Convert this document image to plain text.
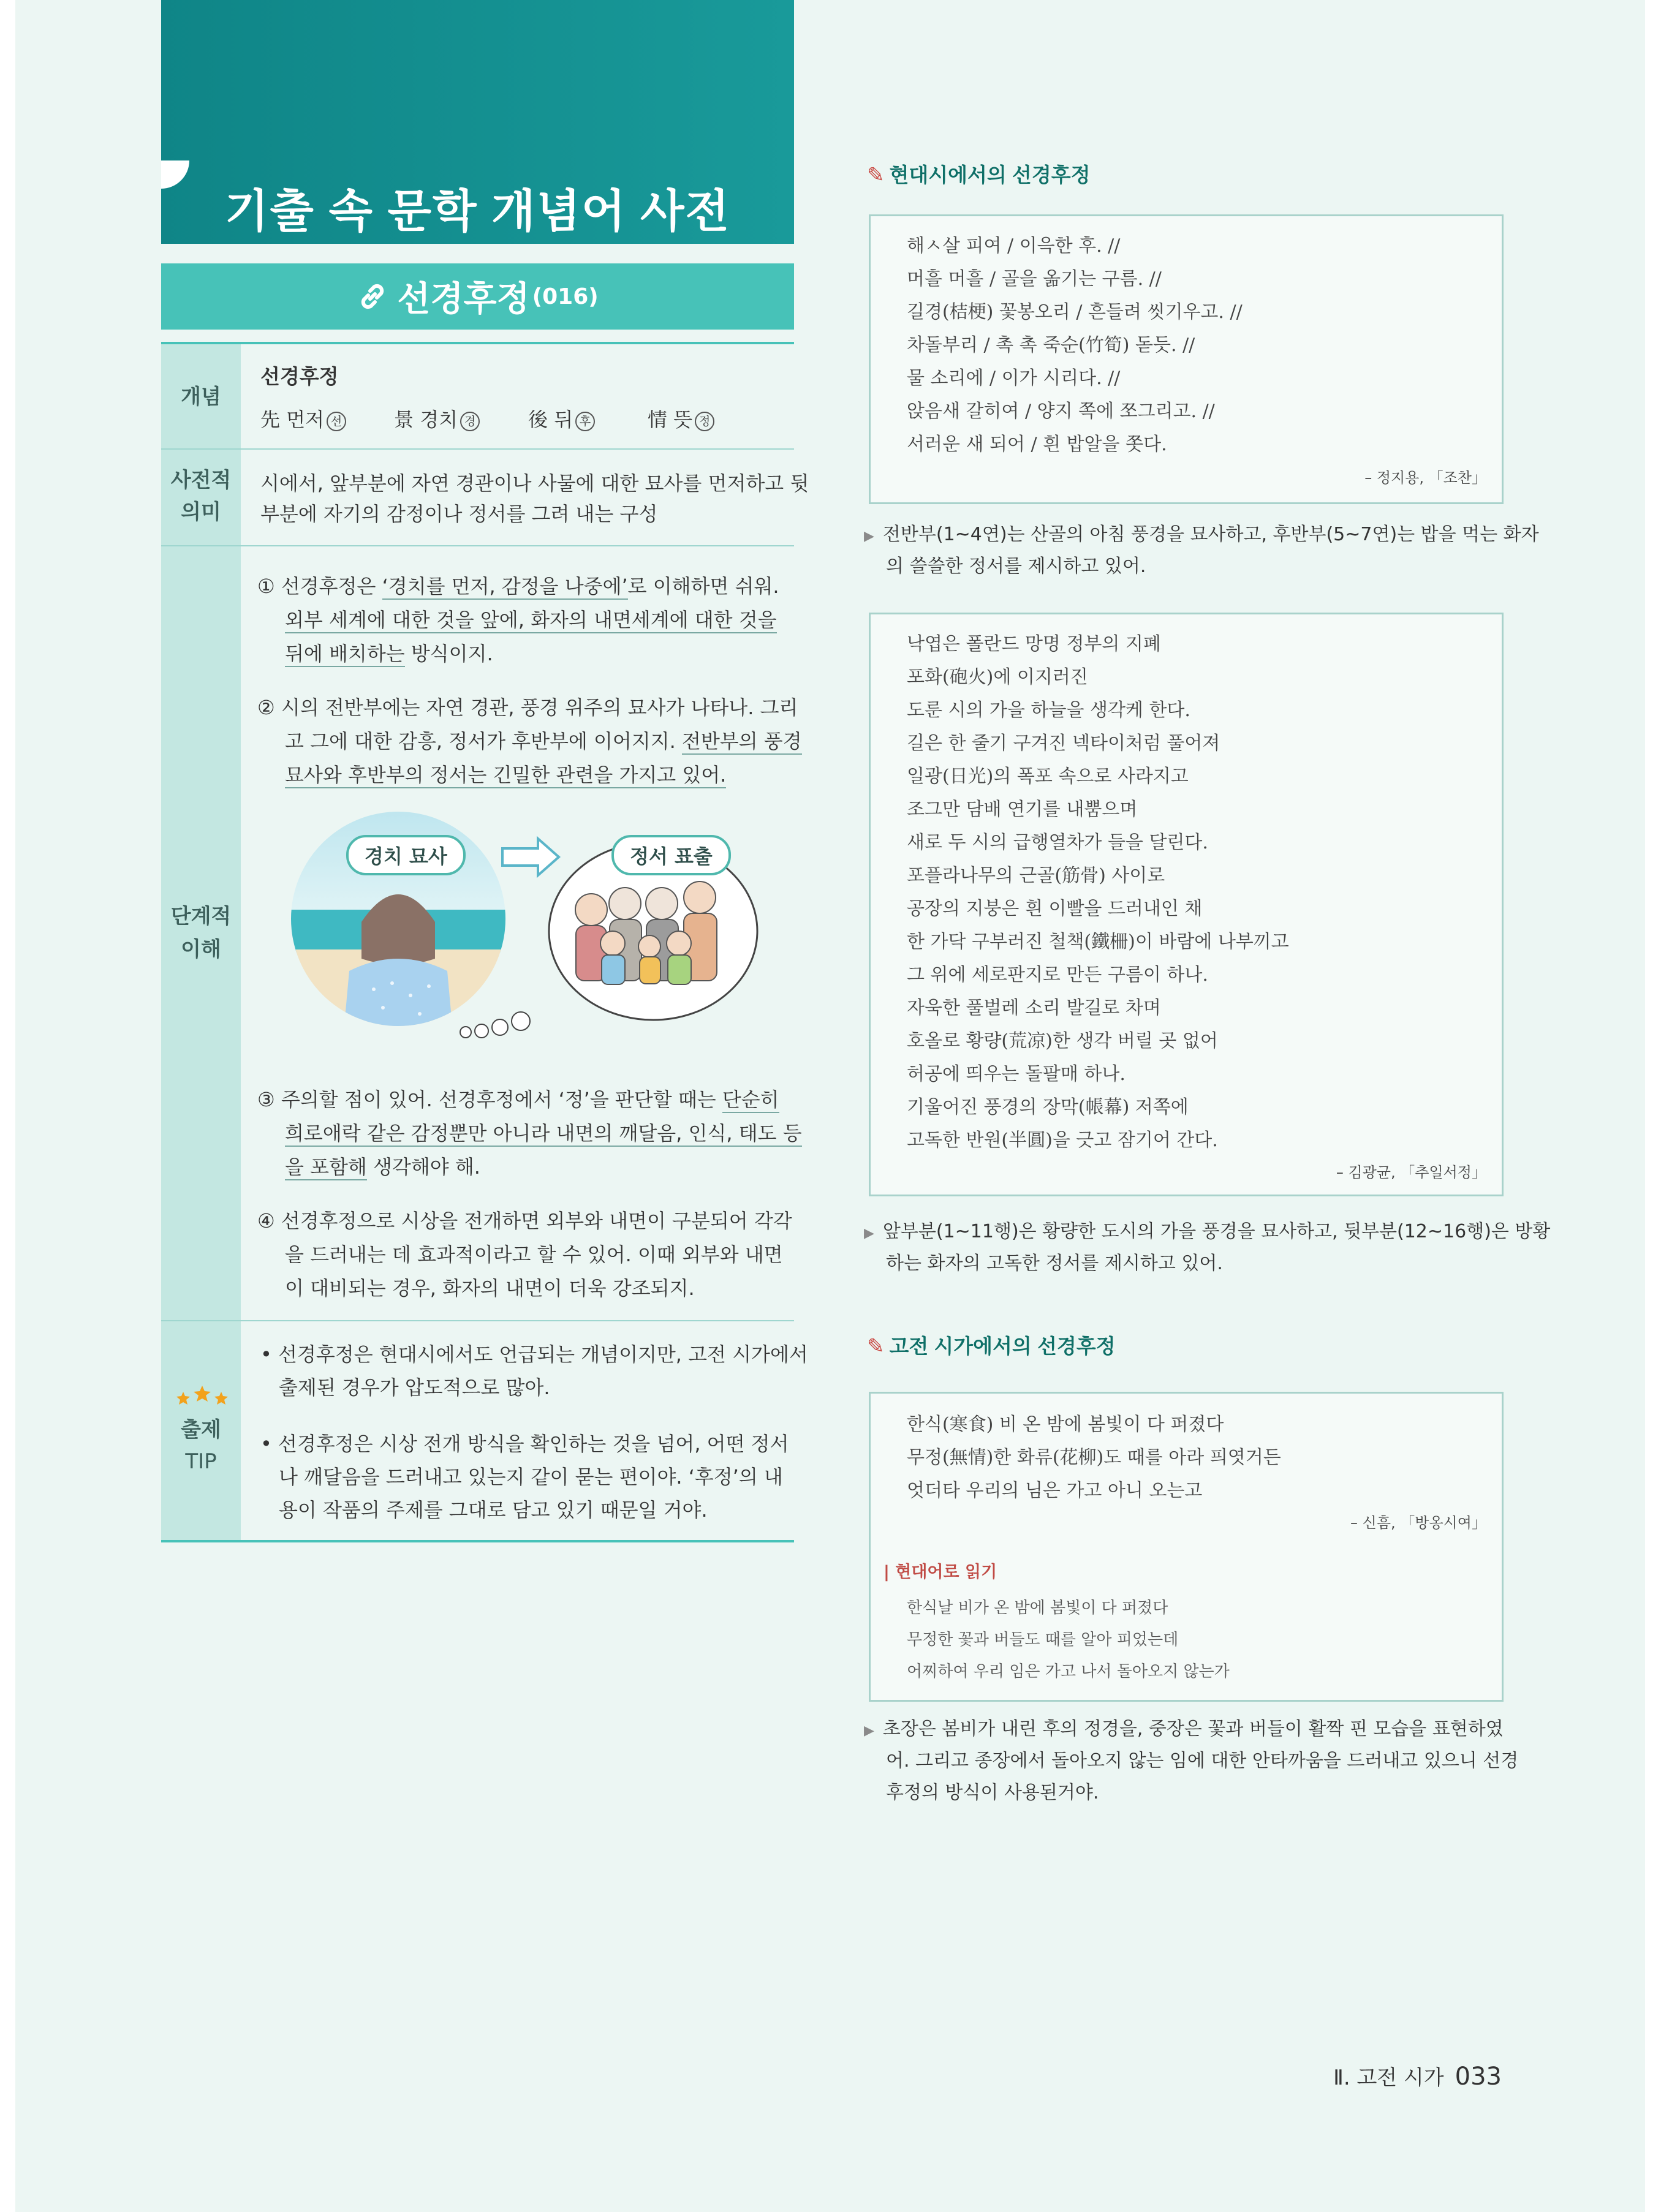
기출 속 문학 개념어 사전
선경후정 (016)
개념
선경후정
先 먼저 선	景 경치 경	後 뒤 후	情 뜻 정
사전적
의미
시에서, 앞부분에 자연 경관이나 사물에 대한 묘사를 먼저하고 뒷
부분에 자기의 감정이나 정서를 그려 내는 구성
단계적
이해
① 선경후정은 ‘경치를 먼저, 감정을 나중에’로 이해하면 쉬워.
외부 세계에 대한 것을 앞에, 화자의 내면세계에 대한 것을
뒤에 배치하는 방식이지.
② 시의 전반부에는 자연 경관, 풍경 위주의 묘사가 나타나. 그리
고 그에 대한 감흥, 정서가 후반부에 이어지지. 전반부의 풍경
묘사와 후반부의 정서는 긴밀한 관련을 가지고 있어.
경치 묘사	정서 표출
③ 주의할 점이 있어. 선경후정에서 ‘정’을 판단할 때는 단순히
희로애락 같은 감정뿐만 아니라 내면의 깨달음, 인식, 태도 등
을 포함해 생각해야 해.
④ 선경후정으로 시상을 전개하면 외부와 내면이 구분되어 각각
을 드러내는 데 효과적이라고 할 수 있어. 이때 외부와 내면
이 대비되는 경우, 화자의 내면이 더욱 강조되지.
출제
TIP
• 선경후정은 현대시에서도 언급되는 개념이지만, 고전 시가에서
출제된 경우가 압도적으로 많아.
• 선경후정은 시상 전개 방식을 확인하는 것을 넘어, 어떤 정서
나 깨달음을 드러내고 있는지 같이 묻는 편이야. ‘후정’의 내
용이 작품의 주제를 그대로 담고 있기 때문일 거야.
✎ 현대시에서의 선경후정
해ㅅ살 피여 / 이윽한 후. //
머흘 머흘 / 골을 옮기는 구름. //
길경(桔梗) 꽃봉오리 / 흔들려 씻기우고. //
차돌부리 / 촉 촉 죽순(竹筍) 돋듯. //
물 소리에 / 이가 시리다. //
앉음새 갈히여 / 양지 쪽에 쪼그리고. //
서러운 새 되어 / 흰 밥알을 쫏다.
– 정지용, 「조찬」
▶ 전반부(1~4연)는 산골의 아침 풍경을 묘사하고, 후반부(5~7연)는 밥을 먹는 화자
의 쓸쓸한 정서를 제시하고 있어.
낙엽은 폴란드 망명 정부의 지폐
포화(砲火)에 이지러진
도룬 시의 가을 하늘을 생각케 한다.
길은 한 줄기 구겨진 넥타이처럼 풀어져
일광(日光)의 폭포 속으로 사라지고
조그만 담배 연기를 내뿜으며
새로 두 시의 급행열차가 들을 달린다.
포플라나무의 근골(筋骨) 사이로
공장의 지붕은 흰 이빨을 드러내인 채
한 가닥 구부러진 철책(鐵柵)이 바람에 나부끼고
그 위에 세로판지로 만든 구름이 하나.
자욱한 풀벌레 소리 발길로 차며
호올로 황량(荒凉)한 생각 버릴 곳 없어
허공에 띄우는 돌팔매 하나.
기울어진 풍경의 장막(帳幕) 저쪽에
고독한 반원(半圓)을 긋고 잠기어 간다.
– 김광균, 「추일서정」
▶ 앞부분(1~11행)은 황량한 도시의 가을 풍경을 묘사하고, 뒷부분(12~16행)은 방황
하는 화자의 고독한 정서를 제시하고 있어.
✎ 고전 시가에서의 선경후정
한식(寒食) 비 온 밤에 봄빛이 다 퍼졌다
무정(無情)한 화류(花柳)도 때를 아라 픠엿거든
엇더타 우리의 님은 가고 아니 오는고
– 신흠, 「방옹시여」
| 현대어로 읽기
한식날 비가 온 밤에 봄빛이 다 퍼졌다
무정한 꽃과 버들도 때를 알아 피었는데
어찌하여 우리 임은 가고 나서 돌아오지 않는가
▶ 초장은 봄비가 내린 후의 정경을, 중장은 꽃과 버들이 활짝 핀 모습을 표현하였
어. 그리고 종장에서 돌아오지 않는 임에 대한 안타까움을 드러내고 있으니 선경
후정의 방식이 사용된거야.
Ⅱ. 고전 시가 033
